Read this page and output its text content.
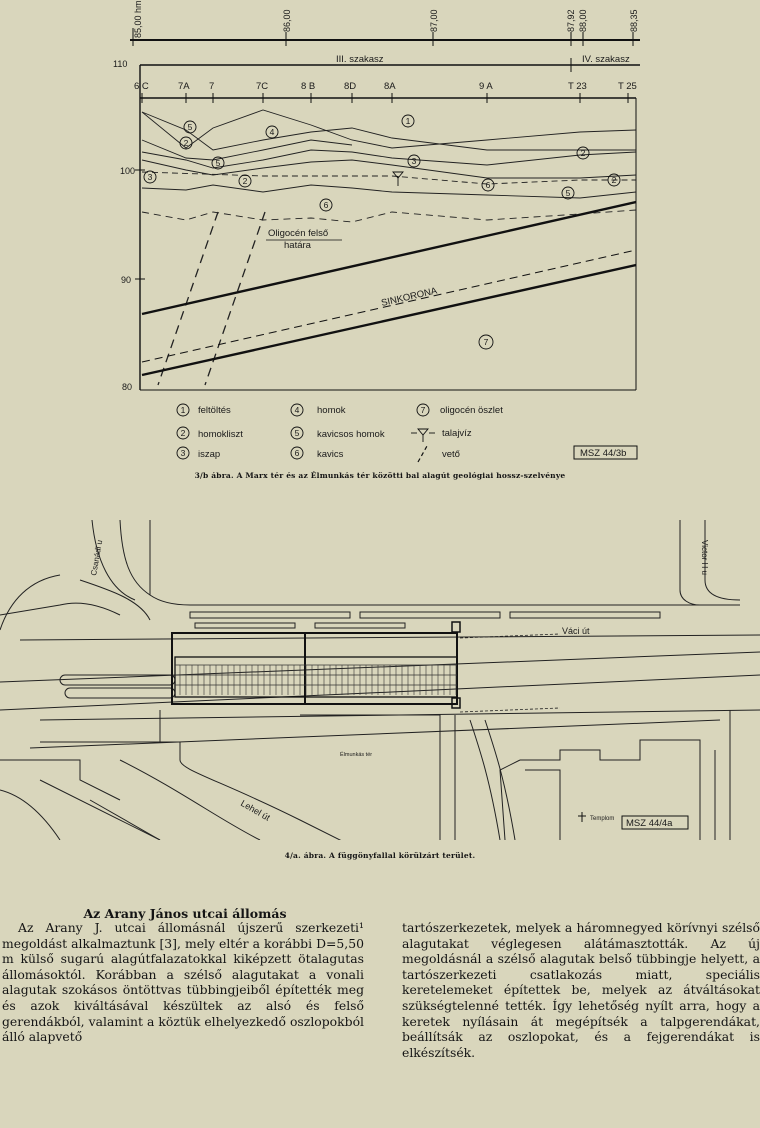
85,00 hm	86,00	87,00	87,92 88,00	88,35
III. szakasz	IV. szakasz
110
100
90
80
6 C	7A 7	7C	8 B	8D	8A	9 A	T 23	T 25
SINKORONA
Oligocén felső
határa
5
2
4
1
5
2
3
3
2
6
5
2
6
7
1
2
3
4
5
6
7
feltöltés
homokliszt
iszap
homok
kavicsos homok
kavics
oligocén öszlet
talajvíz
vető	MSZ 44/3b
3/b ábra. A Marx tér és az Élmunkás tér közötti bal alagút geológiai hossz-szelvénye
Csanádi u	Victor H u
Váci út
Lehel út
Élmunkás tér
Templom MSZ 44/4a
4/a. ábra. A függönyfallal körülzárt terület.
Az Arany János utcai állomás

Az Arany J. utcai állomásnál újszerű szerkezeti¹ megoldást alkalmaztunk [3], mely eltér a korábbi D=5,50 m külső sugarú alagútfalazatokkal kiképzett ötalagutas állomásoktól. Korábban a szélső alagutakat a vonali alagutak szokásos öntöttvas tübbingjeiből építették meg és azok kiváltásával készültek az alsó és felső gerendákból, valamint a köztük elhelyezkedő oszlopokból álló alapvető

tartószerkezetek, melyek a háromnegyed körívnyi szélső alagutakat véglegesen alátámasztották. Az új megoldásnál a szélső alagutak belső tübbingje helyett, a tartószerkezeti csatlakozás miatt, speciális keretelemeket építettek be, melyek az átváltásokat szükségtelenné tették. Így lehetőség nyílt arra, hogy a keretek nyílásain át megépítsék a talpgerendákat, beállítsák az oszlopokat, és a fejgerendákat is elkészítsék.
